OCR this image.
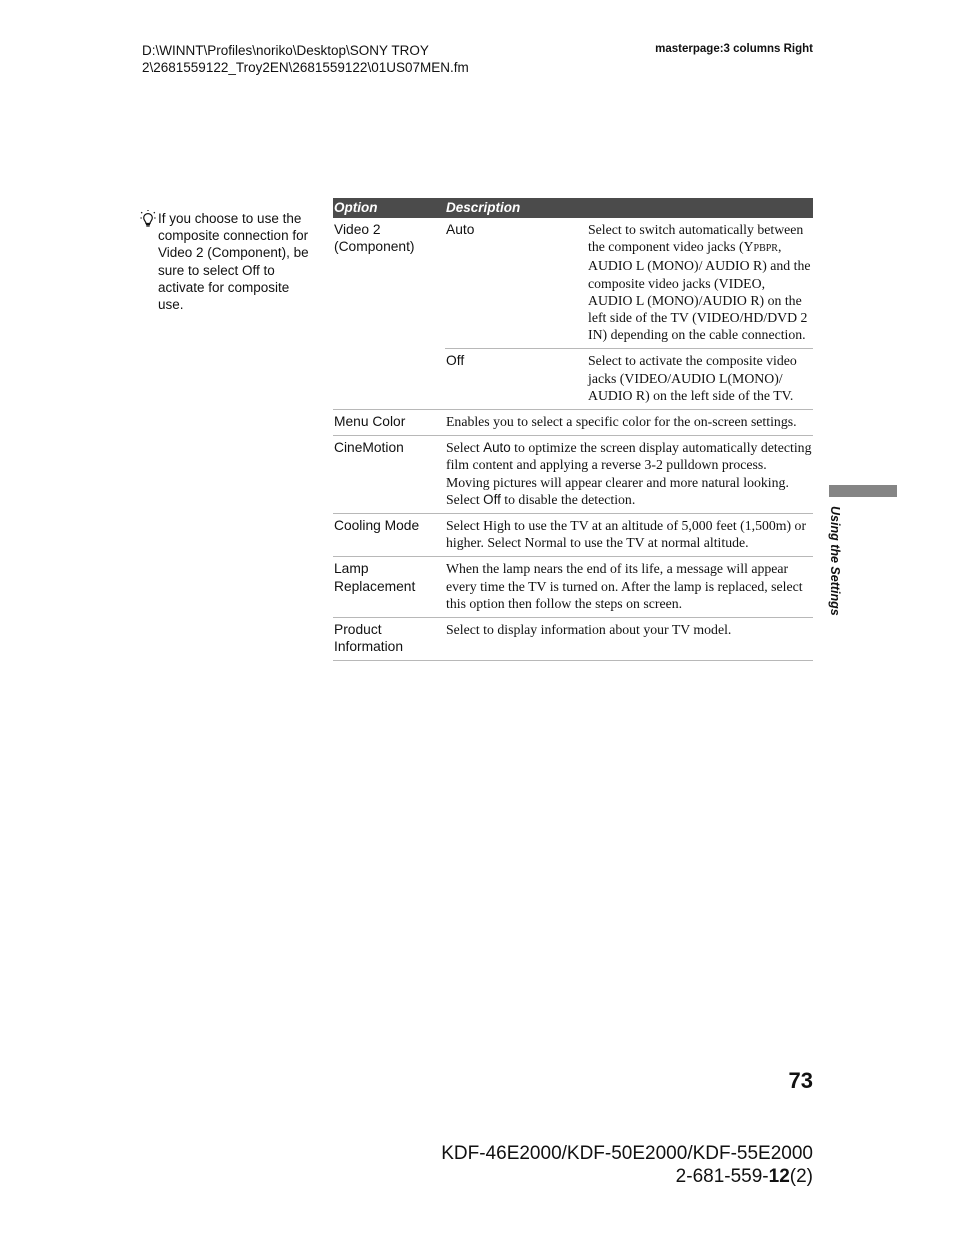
D:\WINNT\Profiles\noriko\Desktop\SONY TROY
2\2681559122_Troy2EN\2681559122\01US07MEN.fm
masterpage:3 columns Right
If you choose to use the composite connection for Video 2 (Component), be sure to select Off to activate for composite use.
Option	Description	
Video 2 (Component)	Auto	Select to switch automatically between the component video jacks (YPBPR, AUDIO L (MONO)/ AUDIO R) and the composite video jacks (VIDEO, AUDIO L (MONO)/AUDIO R) on the left side of the TV (VIDEO/HD/DVD 2 IN) depending on the cable connection.
	Off	Select to activate the composite video jacks (VIDEO/AUDIO L(MONO)/ AUDIO R) on the left side of the TV.
Menu Color	Enables you to select a specific color for the on-screen settings.	
CineMotion	Select Auto to optimize the screen display automatically detecting film content and applying a reverse 3-2 pulldown process. Moving pictures will appear clearer and more natural looking. Select Off to disable the detection.	
Cooling Mode	Select High to use the TV at an altitude of 5,000 feet (1,500m) or higher. Select Normal to use the TV at normal altitude.	
Lamp Replacement	When the lamp nears the end of its life, a message will appear every time the TV is turned on. After the lamp is replaced, select this option then follow the steps on screen.	
Product Information	Select to display information about your TV model.	
Using the Settings
73
KDF-46E2000/KDF-50E2000/KDF-55E2000
2-681-559-12(2)
